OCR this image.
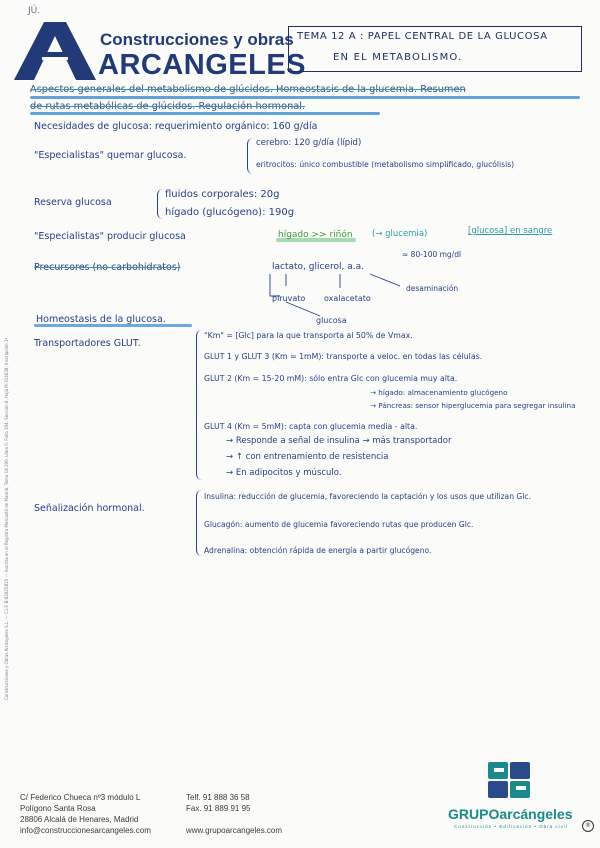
JÚ.
Construcciones y obras
ARCANGELES
TEMA 12 A : PAPEL CENTRAL DE LA GLUCOSA
EN EL METABOLISMO.
Aspectos generales del metabolismo de glúcidos. Homeostasis de la glucemia. Resumen
de rutas metabólicas de glúcidos. Regulación hormonal.
Necesidades de glucosa: requerimiento orgánico: 160 g/día
"Especialistas" quemar glucosa.
cerebro: 120 g/día (lípid)
eritrocitos: único combustible (metabolismo simplificado, glucólisis)
Reserva glucosa
fluidos corporales: 20g
hígado (glucógeno): 190g
"Especialistas" producir glucosa	hígado >> riñón (→ glucemia)	[glucosa] en sangre
≈ 80-100 mg/dl
Precursores (no carbohidratos)	lactato, glicerol, a.a.
piruvato oxalacetato
glucosa
desaminación
Homeostasis de la glucosa.
Transportadores GLUT.
"Km" = [Glc] para la que transporta al 50% de Vmax.
GLUT 1 y GLUT 3 (Km ≈ 1mM): transporte a veloc. en todas las células.
GLUT 2 (Km = 15-20 mM): sólo entra Glc con glucemia muy alta.
→ hígado: almacenamiento glucógeno
→ Páncreas: sensor hiperglucemia para segregar insulina
GLUT 4 (Km = 5mM): capta con glucemia media - alta.
→ Responde a señal de insulina → más transportador
→ ↑ con entrenamiento de resistencia
→ En adipocitos y músculo.
Señalización hormonal.
Insulina: reducción de glucemia, favoreciendo la captación y los usos que utilizan Glc.
Glucagón: aumento de glucemia favoreciendo rutas que producen Glc.
Adrenalina: obtención rápida de energía a partir glucógeno.
Construcciones y Obras Arcángeles S.L. — C.I.F. B-82825815 — Inscrita en el Registro Mercantil de Madrid, Tomo 18.190, Libro 0, Folio 194, Sección 8, Hoja M-314638, Inscripción 1ª
C/ Federico Chueca nº3 módulo L
Polígono Santa Rosa
28806 Alcalá de Henares, Madrid
info@construccionesarcangeles.com
Telf. 91 888 36 58
Fax. 91 889 91 95
www.grupoarcangeles.com
GRUPOarcángeles
Construcción • Edificación • Obra civil	®
